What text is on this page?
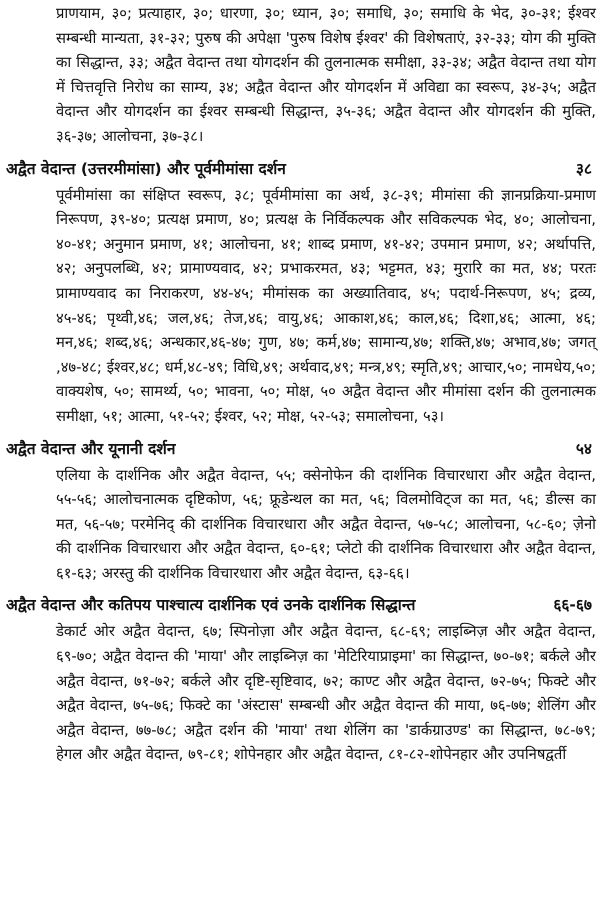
प्राणयाम, ३०; प्रत्याहार, ३०; धारणा, ३०; ध्यान, ३०; समाधि, ३०; समाधि के भेद, ३०-३१; ईश्वर सम्बन्धी मान्यता, ३१-३२; पुरुष की अपेक्षा 'पुरुष विशेष ईश्वर' की विशेषताएं, ३२-३३; योग की मुक्ति का सिद्धान्त, ३३; अद्वैत वेदान्त तथा योगदर्शन की तुलनात्मक समीक्षा, ३३-३४; अद्वैत वेदान्त तथा योग में चित्तवृत्ति निरोध का साम्य, ३४; अद्वैत वेदान्त और योगदर्शन में अविद्या का स्वरूप, ३४-३५; अद्वैत वेदान्त और योगदर्शन का ईश्वर सम्बन्धी सिद्धान्त, ३५-३६; अद्वैत वेदान्त और योगदर्शन की मुक्ति, ३६-३७; आलोचना, ३७-३८।

अद्वैत वेदान्त (उत्तरमीमांसा) और पूर्वमीमांसा दर्शन	३८

पूर्वमीमांसा का संक्षिप्त स्वरूप, ३८; पूर्वमीमांसा का अर्थ, ३८-३९; मीमांसा की ज्ञानप्रक्रिया-प्रमाण निरूपण, ३९-४०; प्रत्यक्ष प्रमाण, ४०; प्रत्यक्ष के निर्विकल्पक और सविकल्पक भेद, ४०; आलोचना, ४०-४१; अनुमान प्रमाण, ४१; आलोचना, ४१; शाब्द प्रमाण, ४१-४२; उपमान प्रमाण, ४२; अर्थापत्ति, ४२; अनुपलब्धि, ४२; प्रामाण्यवाद, ४२; प्रभाकरमत, ४३; भट्टमत, ४३; मुरारि का मत, ४४; परतः प्रामाण्यवाद का निराकरण, ४४-४५; मीमांसक का अख्यातिवाद, ४५; पदार्थ-निरूपण, ४५; द्रव्य, ४५-४६; पृथ्वी,४६; जल,४६; तेज,४६; वायु,४६; आकाश,४६; काल,४६; दिशा,४६; आत्मा, ४६; मन,४६; शब्द,४६; अन्धकार,४६-४७; गुण, ४७; कर्म,४७; सामान्य,४७; शक्ति,४७; अभाव,४७; जगत् ,४७-४८; ईश्वर,४८; धर्म,४८-४९; विधि,४९; अर्थवाद,४९; मन्त्र,४९; स्मृति,४९; आचार,५०; नामधेय,५०; वाक्यशेष, ५०; सामर्थ्य, ५०; भावना, ५०; मोक्ष, ५० अद्वैत वेदान्त और मीमांसा दर्शन की तुलनात्मक समीक्षा, ५१; आत्मा, ५१-५२; ईश्वर, ५२; मोक्ष, ५२-५३; समालोचना, ५३।

अद्वैत वेदान्त और यूनानी दर्शन	५४

एलिया के दार्शनिक और अद्वैत वेदान्त, ५५; क्सेनोफेन की दार्शनिक विचारधारा और अद्वैत वेदान्त, ५५-५६; आलोचनात्मक दृष्टिकोण, ५६; फ्रूडेन्थल का मत, ५६; विलमोविट्ज का मत, ५६; डील्स का मत, ५६-५७; परमेनिद् की दार्शनिक विचारधारा और अद्वैत वेदान्त, ५७-५८; आलोचना, ५८-६०; ज़ेनो की दार्शनिक विचारधारा और अद्वैत वेदान्त, ६०-६१; प्लेटो की दार्शनिक विचारधारा और अद्वैत वेदान्त, ६१-६३; अरस्तु की दार्शनिक विचारधारा और अद्वैत वेदान्त, ६३-६६।

अद्वैत वेदान्त और कतिपय पाश्चात्य दार्शनिक एवं उनके दार्शनिक सिद्धान्त	६६-६७

डेकार्ट ओर अद्वैत वेदान्त, ६७; स्पिनोज़ा और अद्वैत वेदान्त, ६८-६९; लाइब्निज़ और अद्वैत वेदान्त, ६९-७०; अद्वैत वेदान्त की 'माया' और लाइब्निज़ का 'मेटिरियाप्राइमा' का सिद्धान्त, ७०-७१; बर्कले और अद्वैत वेदान्त, ७१-७२; बर्कले और दृष्टि-सृष्टिवाद, ७२; काण्ट और अद्वैत वेदान्त, ७२-७५; फिक्टे और अद्वैत वेदान्त, ७५-७६; फिक्टे का 'अंस्टास' सम्बन्धी और अद्वैत वेदान्त की माया, ७६-७७; शेलिंग और अद्वैत वेदान्त, ७७-७८; अद्वैत दर्शन की 'माया' तथा शेलिंग का 'डार्कग्राउण्ड' का सिद्धान्त, ७८-७९; हेगल और अद्वैत वेदान्त, ७९-८१; शोपेनहार और अद्वैत वेदान्त, ८१-८२-शोपेनहार और उपनिषद्वर्ती
